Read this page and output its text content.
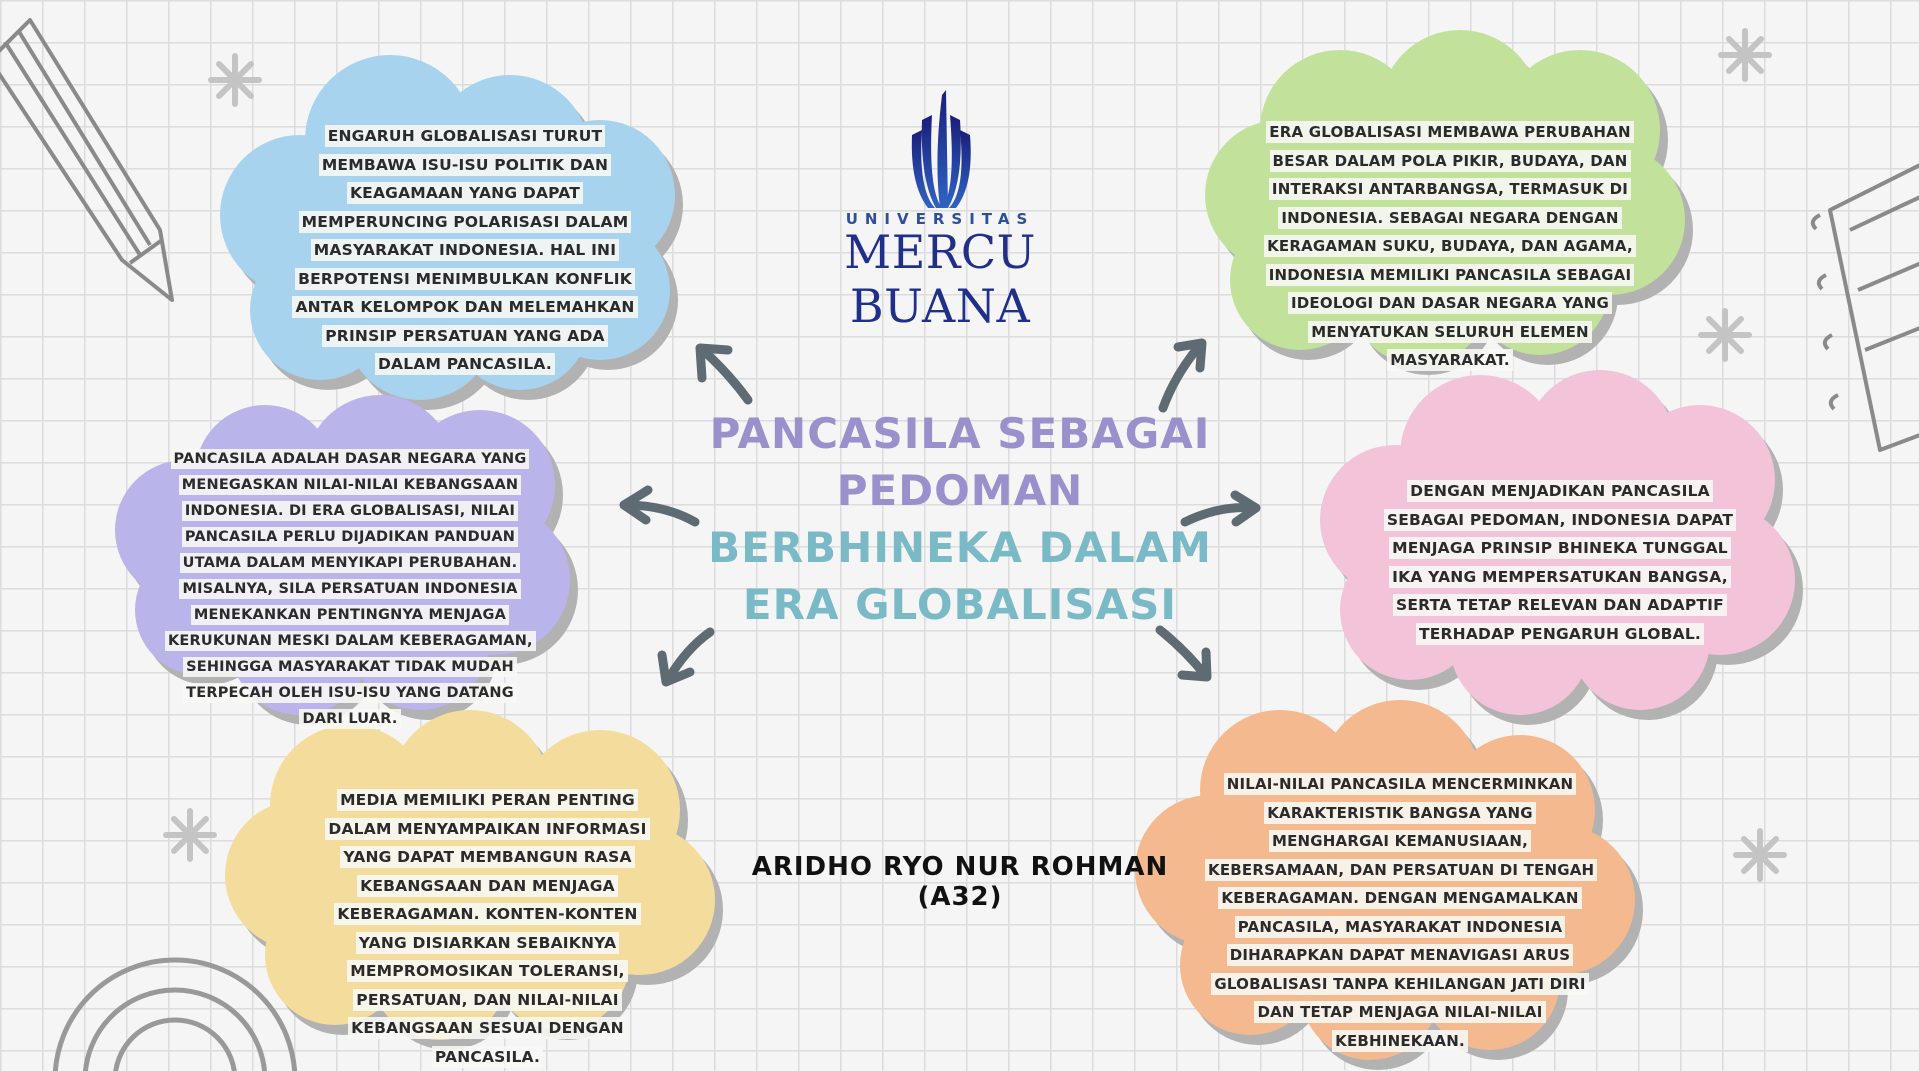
UNIVERSITAS
MERCU BUANA
ENGARUH GLOBALISASI TURUT MEMBAWA ISU-ISU POLITIK DAN KEAGAMAAN YANG DAPAT MEMPERUNCING POLARISASI DALAM MASYARAKAT INDONESIA. HAL INI BERPOTENSI MENIMBULKAN KONFLIK ANTAR KELOMPOK DAN MELEMAHKAN PRINSIP PERSATUAN YANG ADA DALAM PANCASILA.
PANCASILA ADALAH DASAR NEGARA YANG MENEGASKAN NILAI-NILAI KEBANGSAAN INDONESIA. DI ERA GLOBALISASI, NILAI PANCASILA PERLU DIJADIKAN PANDUAN UTAMA DALAM MENYIKAPI PERUBAHAN. MISALNYA, SILA PERSATUAN INDONESIA MENEKANKAN PENTINGNYA MENJAGA KERUKUNAN MESKI DALAM KEBERAGAMAN, SEHINGGA MASYARAKAT TIDAK MUDAH TERPECAH OLEH ISU-ISU YANG DATANG DARI LUAR.
MEDIA MEMILIKI PERAN PENTING DALAM MENYAMPAIKAN INFORMASI YANG DAPAT MEMBANGUN RASA KEBANGSAAN DAN MENJAGA KEBERAGAMAN. KONTEN-KONTEN YANG DISIARKAN SEBAIKNYA MEMPROMOSIKAN TOLERANSI, PERSATUAN, DAN NILAI-NILAI KEBANGSAAN SESUAI DENGAN PANCASILA.
ERA GLOBALISASI MEMBAWA PERUBAHAN BESAR DALAM POLA PIKIR, BUDAYA, DAN INTERAKSI ANTARBANGSA, TERMASUK DI INDONESIA. SEBAGAI NEGARA DENGAN KERAGAMAN SUKU, BUDAYA, DAN AGAMA, INDONESIA MEMILIKI PANCASILA SEBAGAI IDEOLOGI DAN DASAR NEGARA YANG MENYATUKAN SELURUH ELEMEN MASYARAKAT.
DENGAN MENJADIKAN PANCASILA SEBAGAI PEDOMAN, INDONESIA DAPAT MENJAGA PRINSIP BHINEKA TUNGGAL IKA YANG MEMPERSATUKAN BANGSA, SERTA TETAP RELEVAN DAN ADAPTIF TERHADAP PENGARUH GLOBAL.
NILAI-NILAI PANCASILA MENCERMINKAN KARAKTERISTIK BANGSA YANG MENGHARGAI KEMANUSIAAN, KEBERSAMAAN, DAN PERSATUAN DI TENGAH KEBERAGAMAN. DENGAN MENGAMALKAN PANCASILA, MASYARAKAT INDONESIA DIHARAPKAN DAPAT MENAVIGASI ARUS GLOBALISASI TANPA KEHILANGAN JATI DIRI DAN TETAP MENJAGA NILAI-NILAI KEBHINEKAAN.
PANCASILA SEBAGAI PEDOMAN
BERBHINEKA DALAM ERA GLOBALISASI
ARIDHO RYO NUR ROHMAN (A32)
